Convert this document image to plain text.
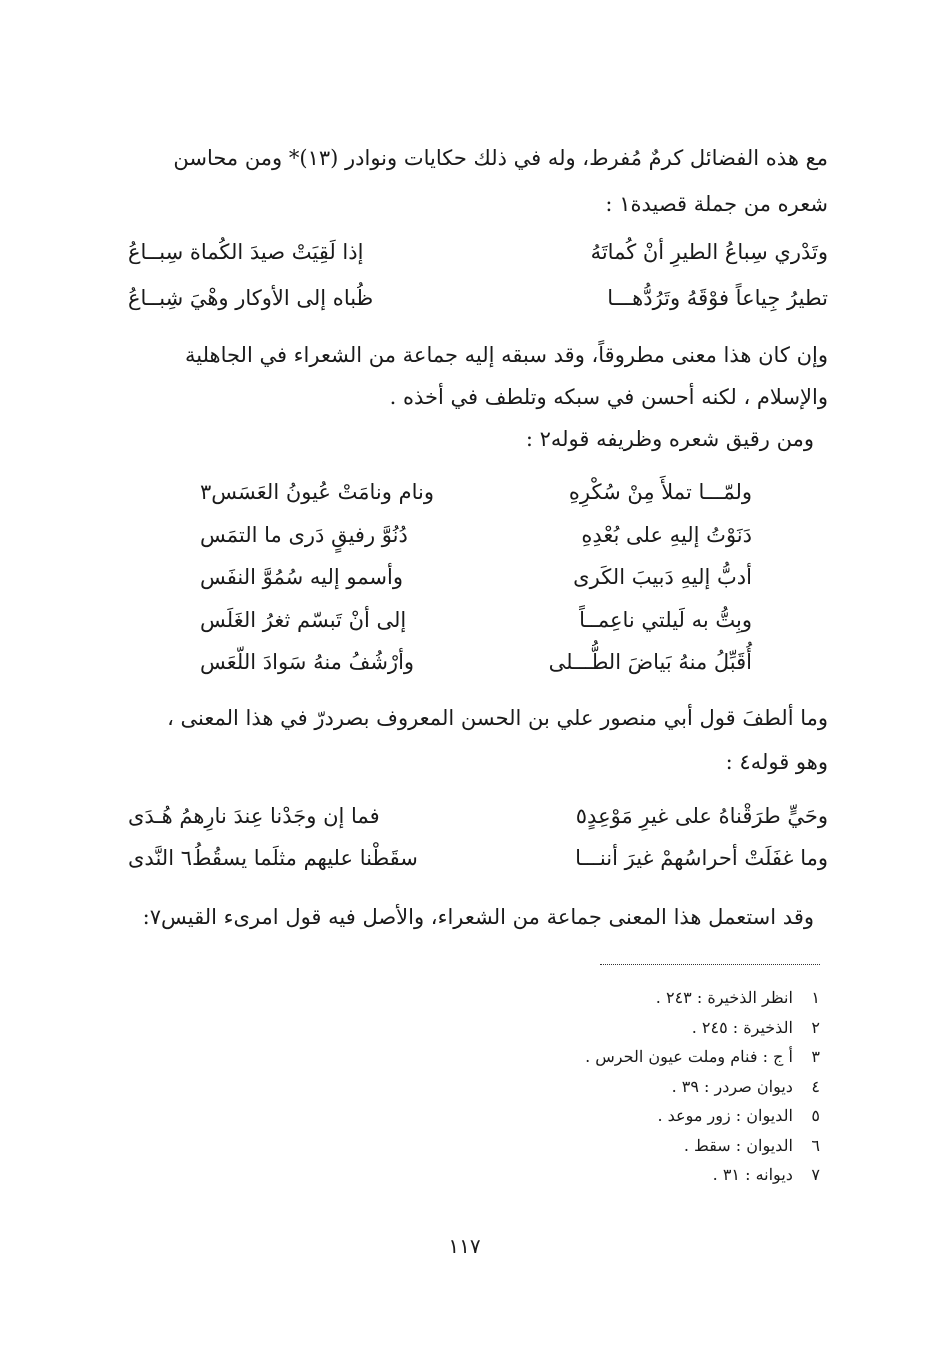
مع هذه الفضائل كرمٌ مُفرط، وله في ذلك حكايات ونوادر (١٣)* ومن محاسن
شعره من جملة قصيدة١ :
وتَدْري سِباعُ الطيرِ أنْ كُماتَهُ
إذا لَقِيَتْ صيدَ الكُماة سِبــاعُ
تطيرُ جِياعاً فوْقَهُ وتَرُدُّهـــا
ظُباه إلى الأوكار وهْيَ شِبــاعُ
وإن كان هذا معنى مطروقاً، وقد سبقه إليه جماعة من الشعراء في الجاهلية
والإسلام ، لكنه أحسن في سبكه وتلطف في أخذه .
ومن رقيق شعره وظريفه قوله٢ :
ولمّـــا تملأَ مِنْ سُكْرِهِ
ونام ونامَتْ عُيونُ العَسَس٣
دَنَوْتُ إليهِ على بُعْدِهِ
دُنُوَّ رفيقٍ دَرى ما التمَس
أدبُّ إليهِ دَبيبَ الكَرى
وأسمو إليه سُمُوَّ النفَس
وبِتُّ به لَيلتي ناعِمــاً
إلى أنْ تَبسّم ثغرُ الغَلَس
أُقَبِّلُ منهُ بَياضَ الطُّـــلى
وأرْشُفُ منهُ سَوادَ اللّعَس
وما ألطفَ قول أبي منصور علي بن الحسن المعروف بصردرّ في هذا المعنى ،
وهو قوله٤ :
وحَيٍّ طرَقْناهُ على غيرِ مَوْعِدٍ٥
فما إن وجَدْنا عِندَ نارِهمُ هُـدَى
وما غفَلَتْ أحراسُهمْ غيرَ أننـــا
سقَطْنا عليهم مثلَما يسقُطُ٦ النَّدى
وقد استعمل هذا المعنى جماعة من الشعراء، والأصل فيه قول امرىء القيس٧:
١ انظر الذخيرة : ٢٤٣ .
٢ الذخيرة : ٢٤٥ .
٣ أ ج : فنام وملت عيون الحرس .
٤ ديوان صردر : ٣٩ .
٥ الديوان : زور موعد .
٦ الديوان : سقط .
٧ ديوانه : ٣١ .
١١٧
